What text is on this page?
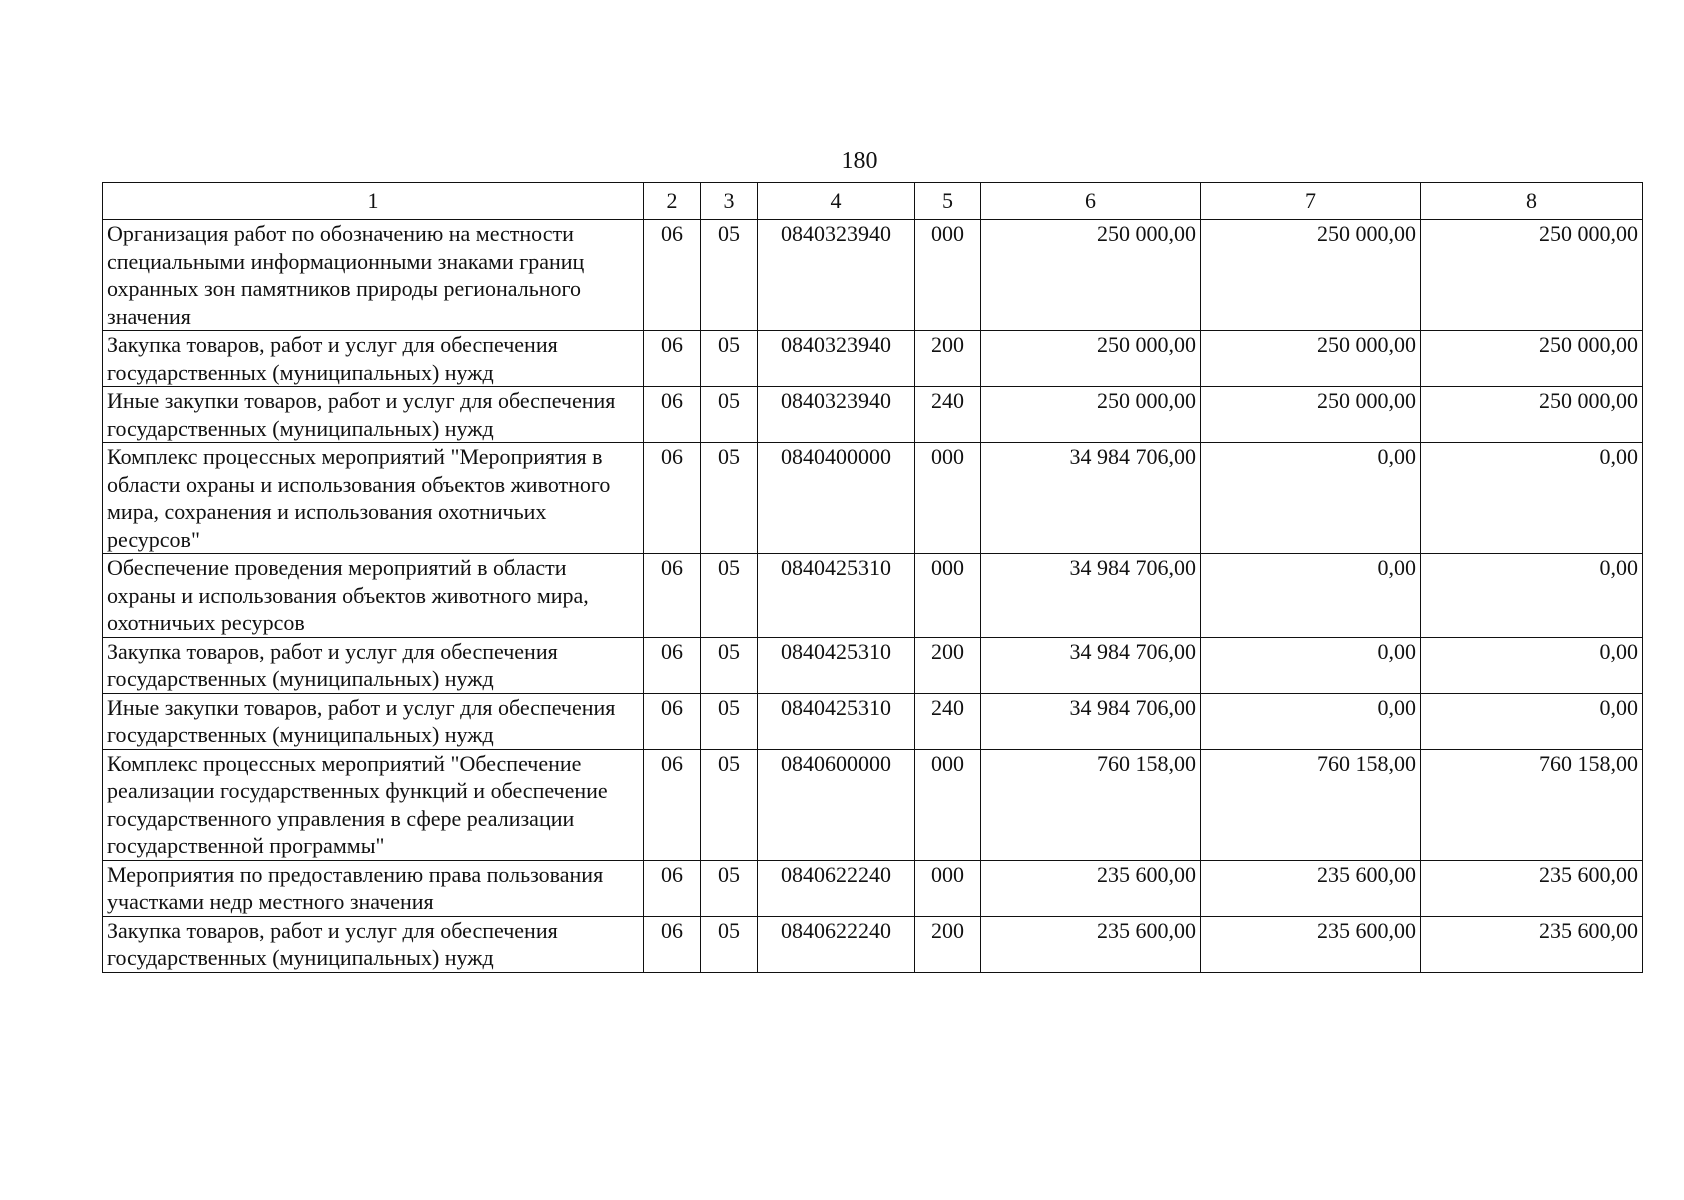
180
1	2	3	4	5	6	7	8
Организация работ по обозначению на местности специальными информационными знаками границ охранных зон памятников природы регионального значения	06	05	0840323940	000	250 000,00	250 000,00	250 000,00
Закупка товаров, работ и услуг для обеспечения государственных (муниципальных) нужд	06	05	0840323940	200	250 000,00	250 000,00	250 000,00
Иные закупки товаров, работ и услуг для обеспечения государственных (муниципальных) нужд	06	05	0840323940	240	250 000,00	250 000,00	250 000,00
Комплекс процессных мероприятий "Мероприятия в области охраны и использования объектов животного мира, сохранения и использования охотничьих ресурсов"	06	05	0840400000	000	34 984 706,00	0,00	0,00
Обеспечение проведения мероприятий в области охраны и использования объектов животного мира, охотничьих ресурсов	06	05	0840425310	000	34 984 706,00	0,00	0,00
Закупка товаров, работ и услуг для обеспечения государственных (муниципальных) нужд	06	05	0840425310	200	34 984 706,00	0,00	0,00
Иные закупки товаров, работ и услуг для обеспечения государственных (муниципальных) нужд	06	05	0840425310	240	34 984 706,00	0,00	0,00
Комплекс процессных мероприятий "Обеспечение реализации государственных функций и обеспечение государственного управления в сфере реализации государственной программы"	06	05	0840600000	000	760 158,00	760 158,00	760 158,00
Мероприятия по предоставлению права пользования участками недр местного значения	06	05	0840622240	000	235 600,00	235 600,00	235 600,00
Закупка товаров, работ и услуг для обеспечения государственных (муниципальных) нужд	06	05	0840622240	200	235 600,00	235 600,00	235 600,00
